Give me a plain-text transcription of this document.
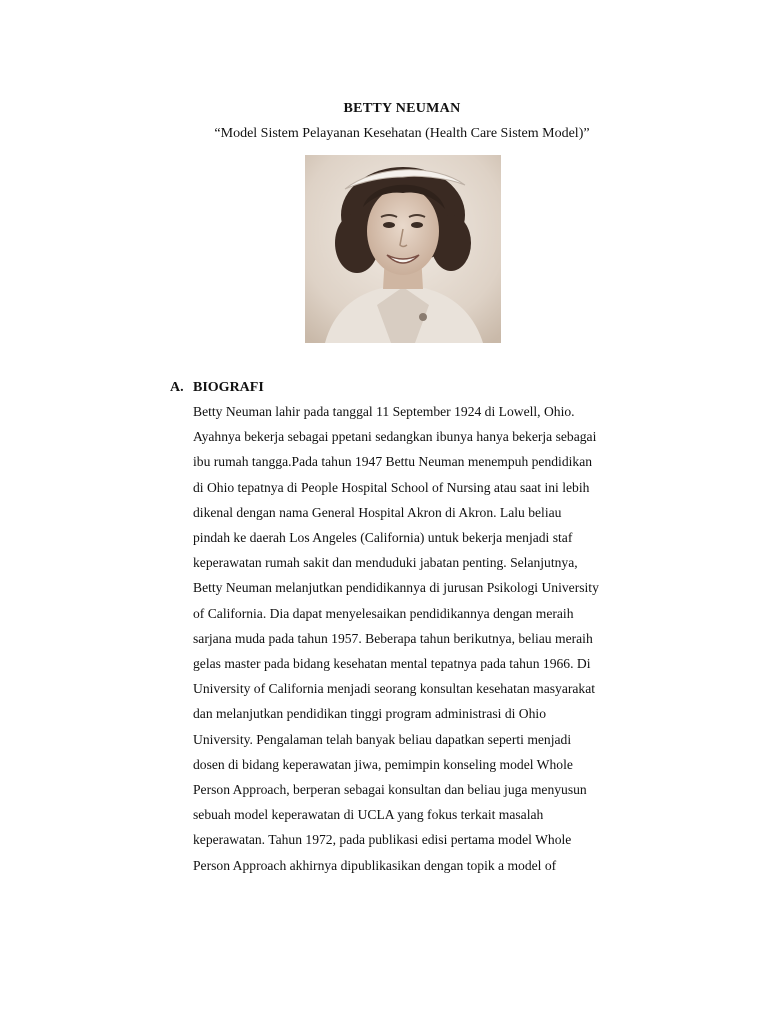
BETTY NEUMAN
“Model Sistem Pelayanan Kesehatan (Health Care Sistem Model)”
A. BIOGRAFI
Betty Neuman lahir pada tanggal 11 September 1924 di Lowell, Ohio.
Ayahnya bekerja sebagai ppetani sedangkan ibunya hanya bekerja sebagai
ibu rumah tangga.Pada tahun 1947 Bettu Neuman menempuh pendidikan
di Ohio tepatnya di People Hospital School of Nursing atau saat ini lebih
dikenal dengan nama General Hospital Akron di Akron. Lalu beliau
pindah ke daerah Los Angeles (California) untuk bekerja menjadi staf
keperawatan rumah sakit dan menduduki jabatan penting. Selanjutnya,
Betty Neuman melanjutkan pendidikannya di jurusan Psikologi University
of California. Dia dapat menyelesaikan pendidikannya dengan meraih
sarjana muda pada tahun 1957. Beberapa tahun berikutnya, beliau meraih
gelas master pada bidang kesehatan mental tepatnya pada tahun 1966. Di
University of California menjadi seorang konsultan kesehatan masyarakat
dan melanjutkan pendidikan tinggi program administrasi di Ohio
University. Pengalaman telah banyak beliau dapatkan seperti menjadi
dosen di bidang keperawatan jiwa, pemimpin konseling model Whole
Person Approach, berperan sebagai konsultan dan beliau juga menyusun
sebuah model keperawatan di UCLA yang fokus terkait masalah
keperawatan. Tahun 1972, pada publikasi edisi pertama model Whole
Person Approach akhirnya dipublikasikan dengan topik a model of
